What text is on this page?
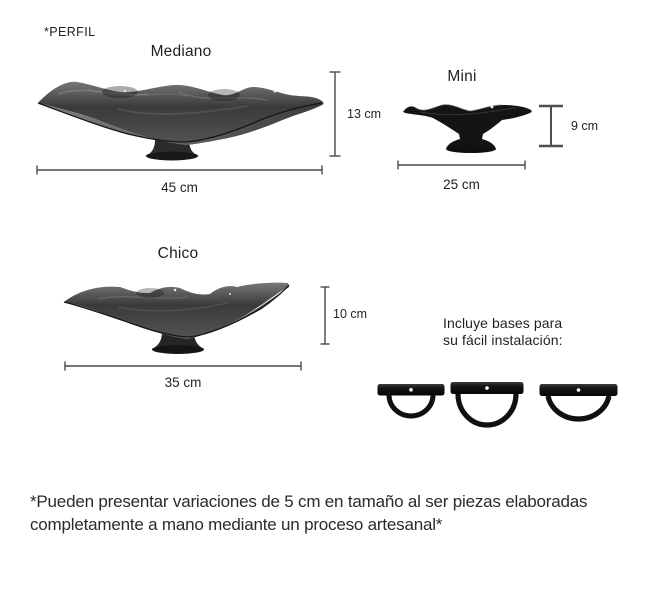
*PERFIL
Mediano
13 cm
45 cm
Mini
9 cm
25 cm
Chico
10 cm
35 cm
Incluye bases para
su fácil instalación:
*Pueden presentar variaciones de 5 cm en tamaño al ser piezas elaboradas
completamente a mano mediante un proceso artesanal*
